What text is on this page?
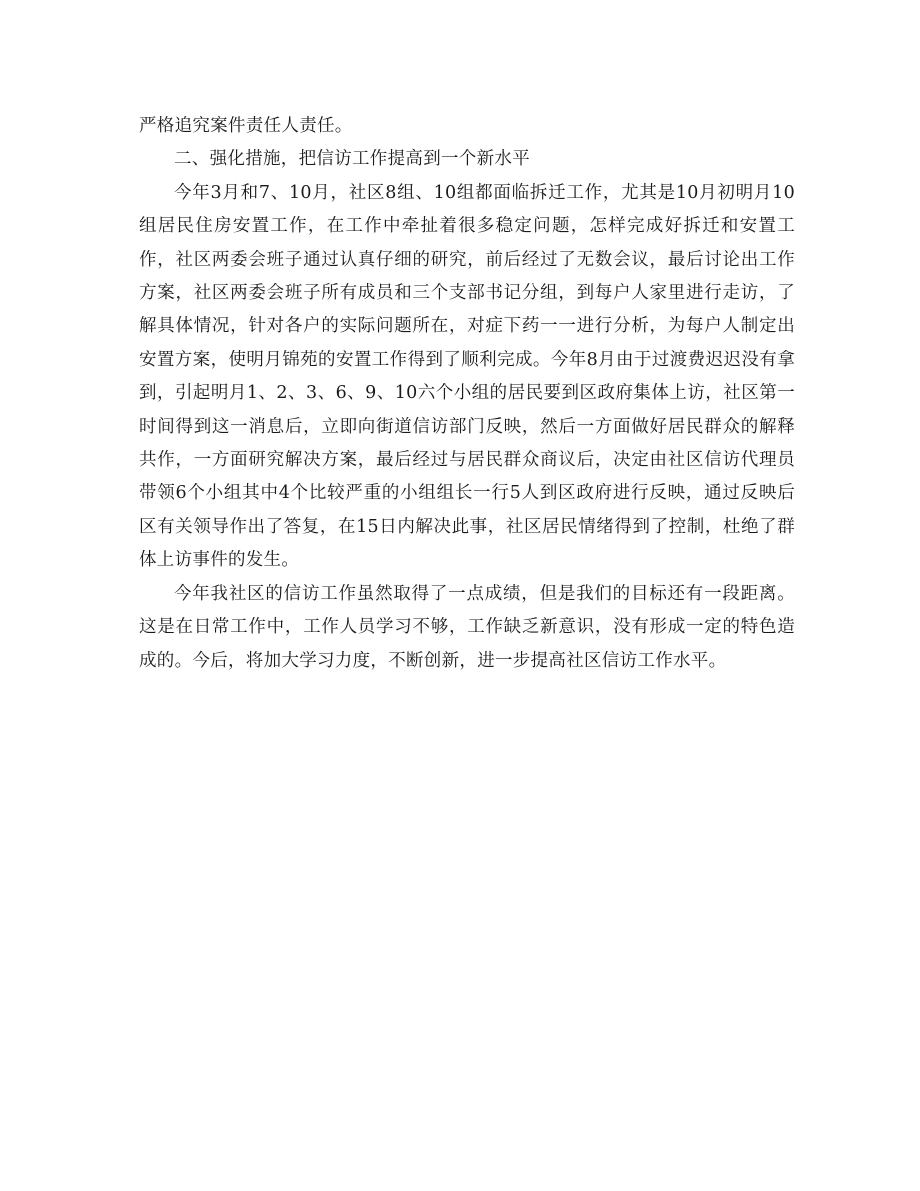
严格追究案件责任人责任。

二、强化措施，把信访工作提高到一个新水平

今年3月和7、10月，社区8组、10组都面临拆迁工作，尤其是10月初明月10组居民住房安置工作，在工作中牵扯着很多稳定问题，怎样完成好拆迁和安置工作，社区两委会班子通过认真仔细的研究，前后经过了无数会议，最后讨论出工作方案，社区两委会班子所有成员和三个支部书记分组，到每户人家里进行走访，了解具体情况，针对各户的实际问题所在，对症下药一一进行分析，为每户人制定出安置方案，使明月锦苑的安置工作得到了顺利完成。今年8月由于过渡费迟迟没有拿到，引起明月1、2、3、6、9、10六个小组的居民要到区政府集体上访，社区第一时间得到这一消息后，立即向街道信访部门反映，然后一方面做好居民群众的解释共作，一方面研究解决方案，最后经过与居民群众商议后，决定由社区信访代理员带领6个小组其中4个比较严重的小组组长一行5人到区政府进行反映，通过反映后区有关领导作出了答复，在15日内解决此事，社区居民情绪得到了控制，杜绝了群体上访事件的发生。

今年我社区的信访工作虽然取得了一点成绩，但是我们的目标还有一段距离。这是在日常工作中，工作人员学习不够，工作缺乏新意识，没有形成一定的特色造成的。今后，将加大学习力度，不断创新，进一步提高社区信访工作水平。
